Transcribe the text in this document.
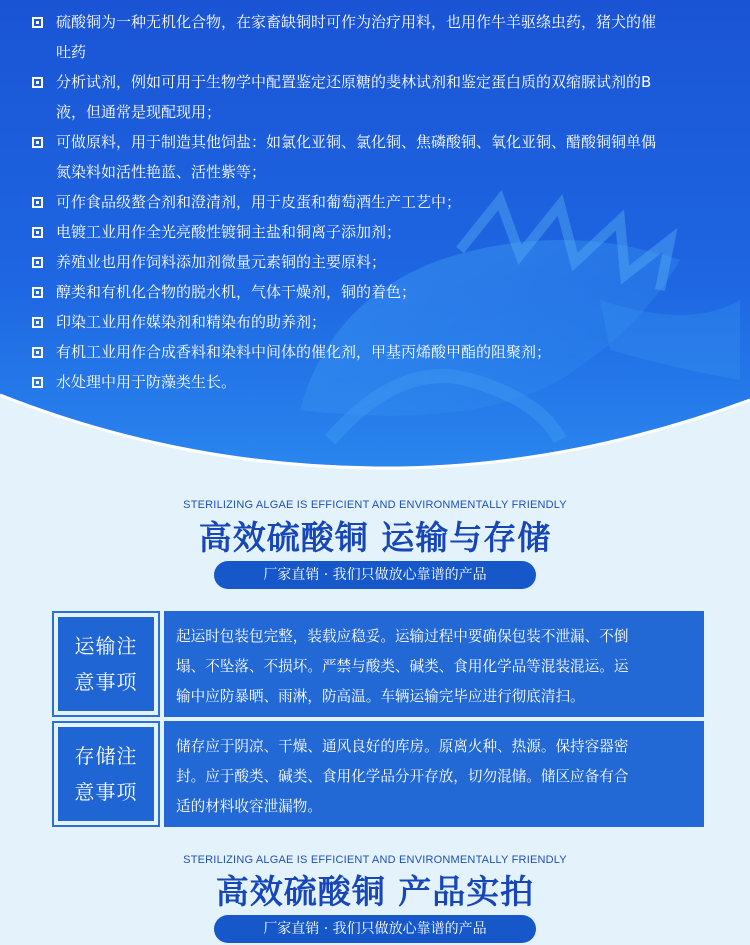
硫酸铜为一种无机化合物，在家畜缺铜时可作为治疗用料，也用作牛羊驱绦虫药，猪犬的催
吐药
分析试剂，例如可用于生物学中配置鉴定还原糖的斐林试剂和鉴定蛋白质的双缩脲试剂的B
液，但通常是现配现用；
可做原料，用于制造其他饲盐：如氯化亚铜、氯化铜、焦磷酸铜、氧化亚铜、醋酸铜铜单偶
氮染料如活性艳蓝、活性紫等；
可作食品级螯合剂和澄清剂，用于皮蛋和葡萄酒生产工艺中；
电镀工业用作全光亮酸性镀铜主盐和铜离子添加剂；
养殖业也用作饲料添加剂微量元素铜的主要原料；
醇类和有机化合物的脱水机，气体干燥剂，铜的着色；
印染工业用作媒染剂和精染布的助养剂；
有机工业用作合成香料和染料中间体的催化剂，甲基丙烯酸甲酯的阻聚剂；
水处理中用于防藻类生长。
STERILIZING ALGAE IS EFFICIENT AND ENVIRONMENTALLY FRIENDLY
高效硫酸铜 运输与存储
厂家直销 · 我们只做放心靠谱的产品
运输注
意事项
起运时包装包完整，装载应稳妥。运输过程中要确保包装不泄漏、不倒
塌、不坠落、不损坏。严禁与酸类、碱类、食用化学品等混装混运。运
输中应防暴晒、雨淋，防高温。车辆运输完毕应进行彻底清扫。
存储注
意事项
储存应于阴凉、干燥、通风良好的库房。原离火种、热源。保持容器密
封。应于酸类、碱类、食用化学品分开存放，切勿混储。储区应备有合
适的材料收容泄漏物。
STERILIZING ALGAE IS EFFICIENT AND ENVIRONMENTALLY FRIENDLY
高效硫酸铜 产品实拍
厂家直销 · 我们只做放心靠谱的产品
